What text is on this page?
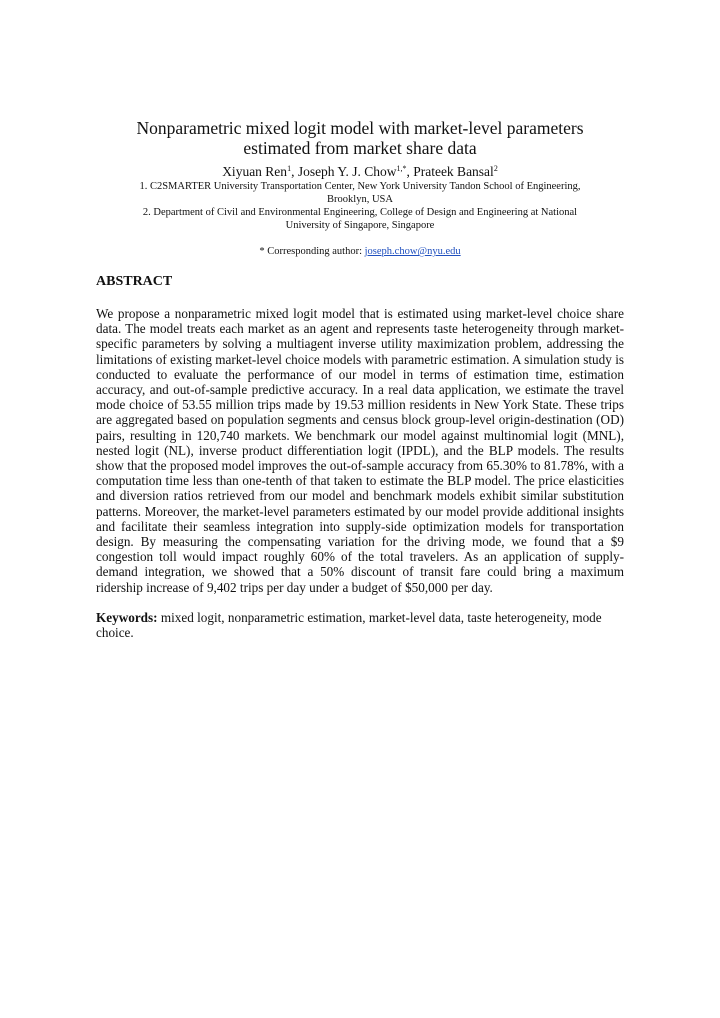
Nonparametric mixed logit model with market-level parameters
estimated from market share data
Xiyuan Ren$^1$, Joseph Y. J. Chow$^{1,*}$, Prateek Bansal$^2$
1. C2SMARTER University Transportation Center, New York University Tandon School of Engineering,
Brooklyn, USA
2. Department of Civil and Environmental Engineering, College of Design and Engineering at National
University of Singapore, Singapore
* Corresponding author: joseph.chow@nyu.edu
ABSTRACT

We propose a nonparametric mixed logit model that is estimated using market-level choice share data. The model treats each market as an agent and represents taste heterogeneity through market-specific parameters by solving a multiagent inverse utility maximization problem, addressing the limitations of existing market-level choice models with parametric estimation. A simulation study is conducted to evaluate the performance of our model in terms of estimation time, estimation accuracy, and out-of-sample predictive accuracy. In a real data application, we estimate the travel mode choice of 53.55 million trips made by 19.53 million residents in New York State. These trips are aggregated based on population segments and census block group-level origin-destination (OD) pairs, resulting in 120,740 markets. We benchmark our model against multinomial logit (MNL), nested logit (NL), inverse product differentiation logit (IPDL), and the BLP models. The results show that the proposed model improves the out-of-sample accuracy from 65.30% to 81.78%, with a computation time less than one-tenth of that taken to estimate the BLP model. The price elasticities and diversion ratios retrieved from our model and benchmark models exhibit similar substitution patterns. Moreover, the market-level parameters estimated by our model provide additional insights and facilitate their seamless integration into supply-side optimization models for transportation design. By measuring the compensating variation for the driving mode, we found that a $9 congestion toll would impact roughly 60% of the total travelers. As an application of supply-demand integration, we showed that a 50% discount of transit fare could bring a maximum ridership increase of 9,402 trips per day under a budget of $50,000 per day.

Keywords: mixed logit, nonparametric estimation, market-level data, taste heterogeneity, mode choice.
